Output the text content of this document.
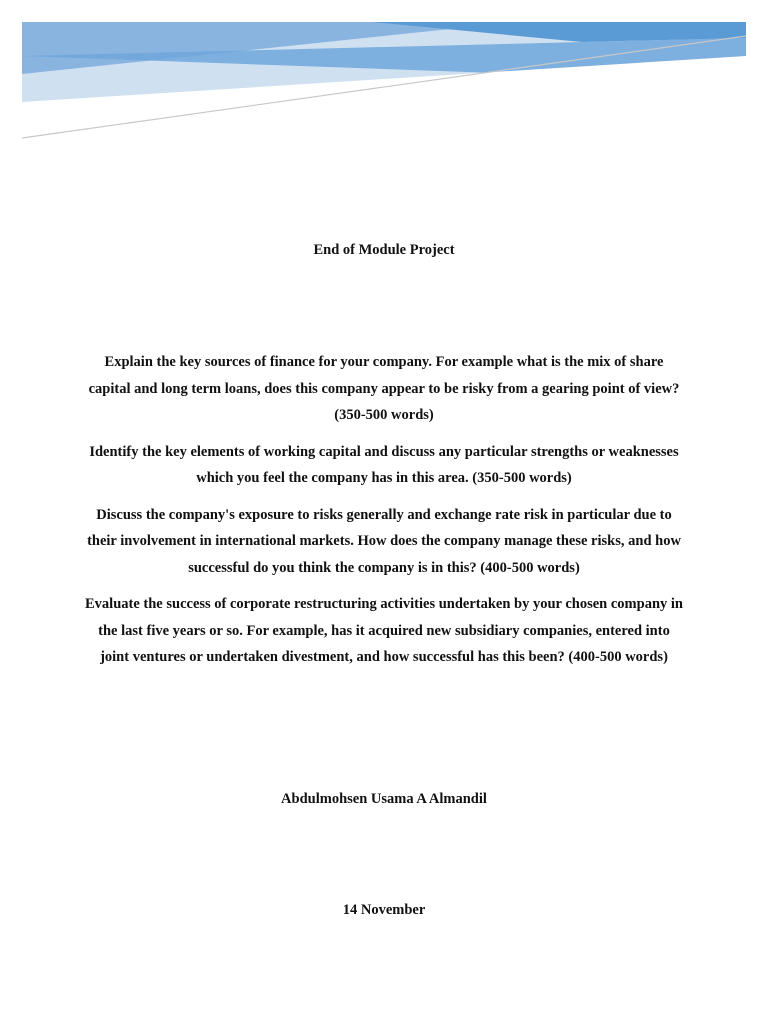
End of Module Project

Explain the key sources of finance for your company. For example what is the mix of share capital and long term loans, does this company appear to be risky from a gearing point of view? (350-500 words)

Identify the key elements of working capital and discuss any particular strengths or weaknesses which you feel the company has in this area. (350-500 words)

Discuss the company's exposure to risks generally and exchange rate risk in particular due to their involvement in international markets. How does the company manage these risks, and how successful do you think the company is in this? (400-500 words)

Evaluate the success of corporate restructuring activities undertaken by your chosen company in the last five years or so. For example, has it acquired new subsidiary companies, entered into joint ventures or undertaken divestment, and how successful has this been? (400-500 words)

Abdulmohsen Usama A Almandil
14 November
